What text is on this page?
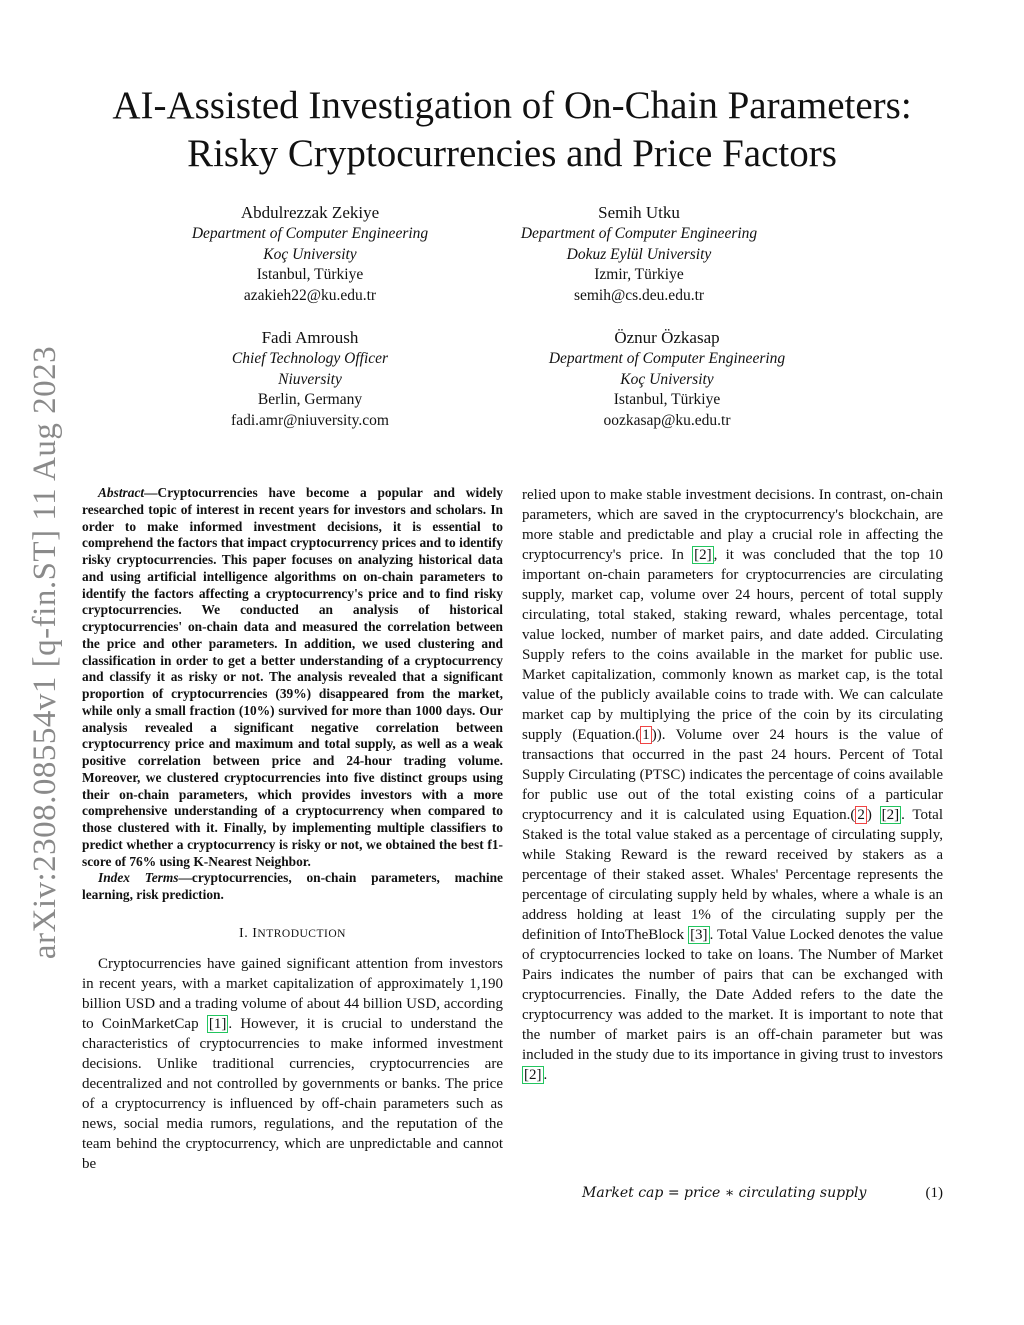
arXiv:2308.08554v1 [q-fin.ST] 11 Aug 2023
AI-Assisted Investigation of On-Chain Parameters:
Risky Cryptocurrencies and Price Factors
Abdulrezzak Zekiye
Department of Computer Engineering
Koç University
Istanbul, Türkiye
azakieh22@ku.edu.tr
Semih Utku
Department of Computer Engineering
Dokuz Eylül University
Izmir, Türkiye
semih@cs.deu.edu.tr
Fadi Amroush
Chief Technology Officer
Niuversity
Berlin, Germany
fadi.amr@niuversity.com
Öznur Özkasap
Department of Computer Engineering
Koç University
Istanbul, Türkiye
oozkasap@ku.edu.tr

Abstract—Cryptocurrencies have become a popular and widely researched topic of interest in recent years for investors and scholars. In order to make informed investment decisions, it is essential to comprehend the factors that impact cryptocurrency prices and to identify risky cryptocurrencies. This paper focuses on analyzing historical data and using artificial intelligence algorithms on on-chain parameters to identify the factors affecting a cryptocurrency's price and to find risky cryptocurrencies. We conducted an analysis of historical cryptocurrencies' on-chain data and measured the correlation between the price and other parameters. In addition, we used clustering and classification in order to get a better understanding of a cryptocurrency and classify it as risky or not. The analysis revealed that a significant proportion of cryptocurrencies (39%) disappeared from the market, while only a small fraction (10%) survived for more than 1000 days. Our analysis revealed a significant negative correlation between cryptocurrency price and maximum and total supply, as well as a weak positive correlation between price and 24-hour trading volume. Moreover, we clustered cryptocurrencies into five distinct groups using their on-chain parameters, which provides investors with a more comprehensive understanding of a cryptocurrency when compared to those clustered with it. Finally, by implementing multiple classifiers to predict whether a cryptocurrency is risky or not, we obtained the best f1-score of 76% using K-Nearest Neighbor.

Index Terms—cryptocurrencies, on-chain parameters, machine learning, risk prediction.

I. INTRODUCTION

Cryptocurrencies have gained significant attention from investors in recent years, with a market capitalization of approximately 1,190 billion USD and a trading volume of about 44 billion USD, according to CoinMarketCap [1] . However, it is crucial to understand the characteristics of cryptocurrencies to make informed investment decisions. Unlike traditional currencies, cryptocurrencies are decentralized and not controlled by governments or banks. The price of a cryptocurrency is influenced by off-chain parameters such as news, social media rumors, regulations, and the reputation of the team behind the cryptocurrency, which are unpredictable and cannot be

relied upon to make stable investment decisions. In contrast, on-chain parameters, which are saved in the cryptocurrency's blockchain, are more stable and predictable and play a crucial role in affecting the cryptocurrency's price. In [2] , it was concluded that the top 10 important on-chain parameters for cryptocurrencies are circulating supply, market cap, volume over 24 hours, percent of total supply circulating, total staked, staking reward, whales percentage, total value locked, number of market pairs, and date added. Circulating Supply refers to the coins available in the market for public use. Market capitalization, commonly known as market cap, is the total value of the publicly available coins to trade with. We can calculate market cap by multiplying the price of the coin by its circulating supply (Equation.( 1 )). Volume over 24 hours is the value of transactions that occurred in the past 24 hours. Percent of Total Supply Circulating (PTSC) indicates the percentage of coins available for public use out of the total existing coins of a particular cryptocurrency and it is calculated using Equation.( 2 ) [2] . Total Staked is the total value staked as a percentage of circulating supply, while Staking Reward is the reward received by stakers as a percentage of their staked asset. Whales' Percentage represents the percentage of circulating supply held by whales, where a whale is an address holding at least 1% of the circulating supply per the definition of IntoTheBlock [3] . Total Value Locked denotes the value of cryptocurrencies locked to take on loans. The Number of Market Pairs indicates the number of pairs that can be exchanged with cryptocurrencies. Finally, the Date Added refers to the date the cryptocurrency was added to the market. It is important to note that the number of market pairs is an off-chain parameter but was included in the study due to its importance in giving trust to investors [2] .

Market cap = price ∗ circulating supply	(1)
